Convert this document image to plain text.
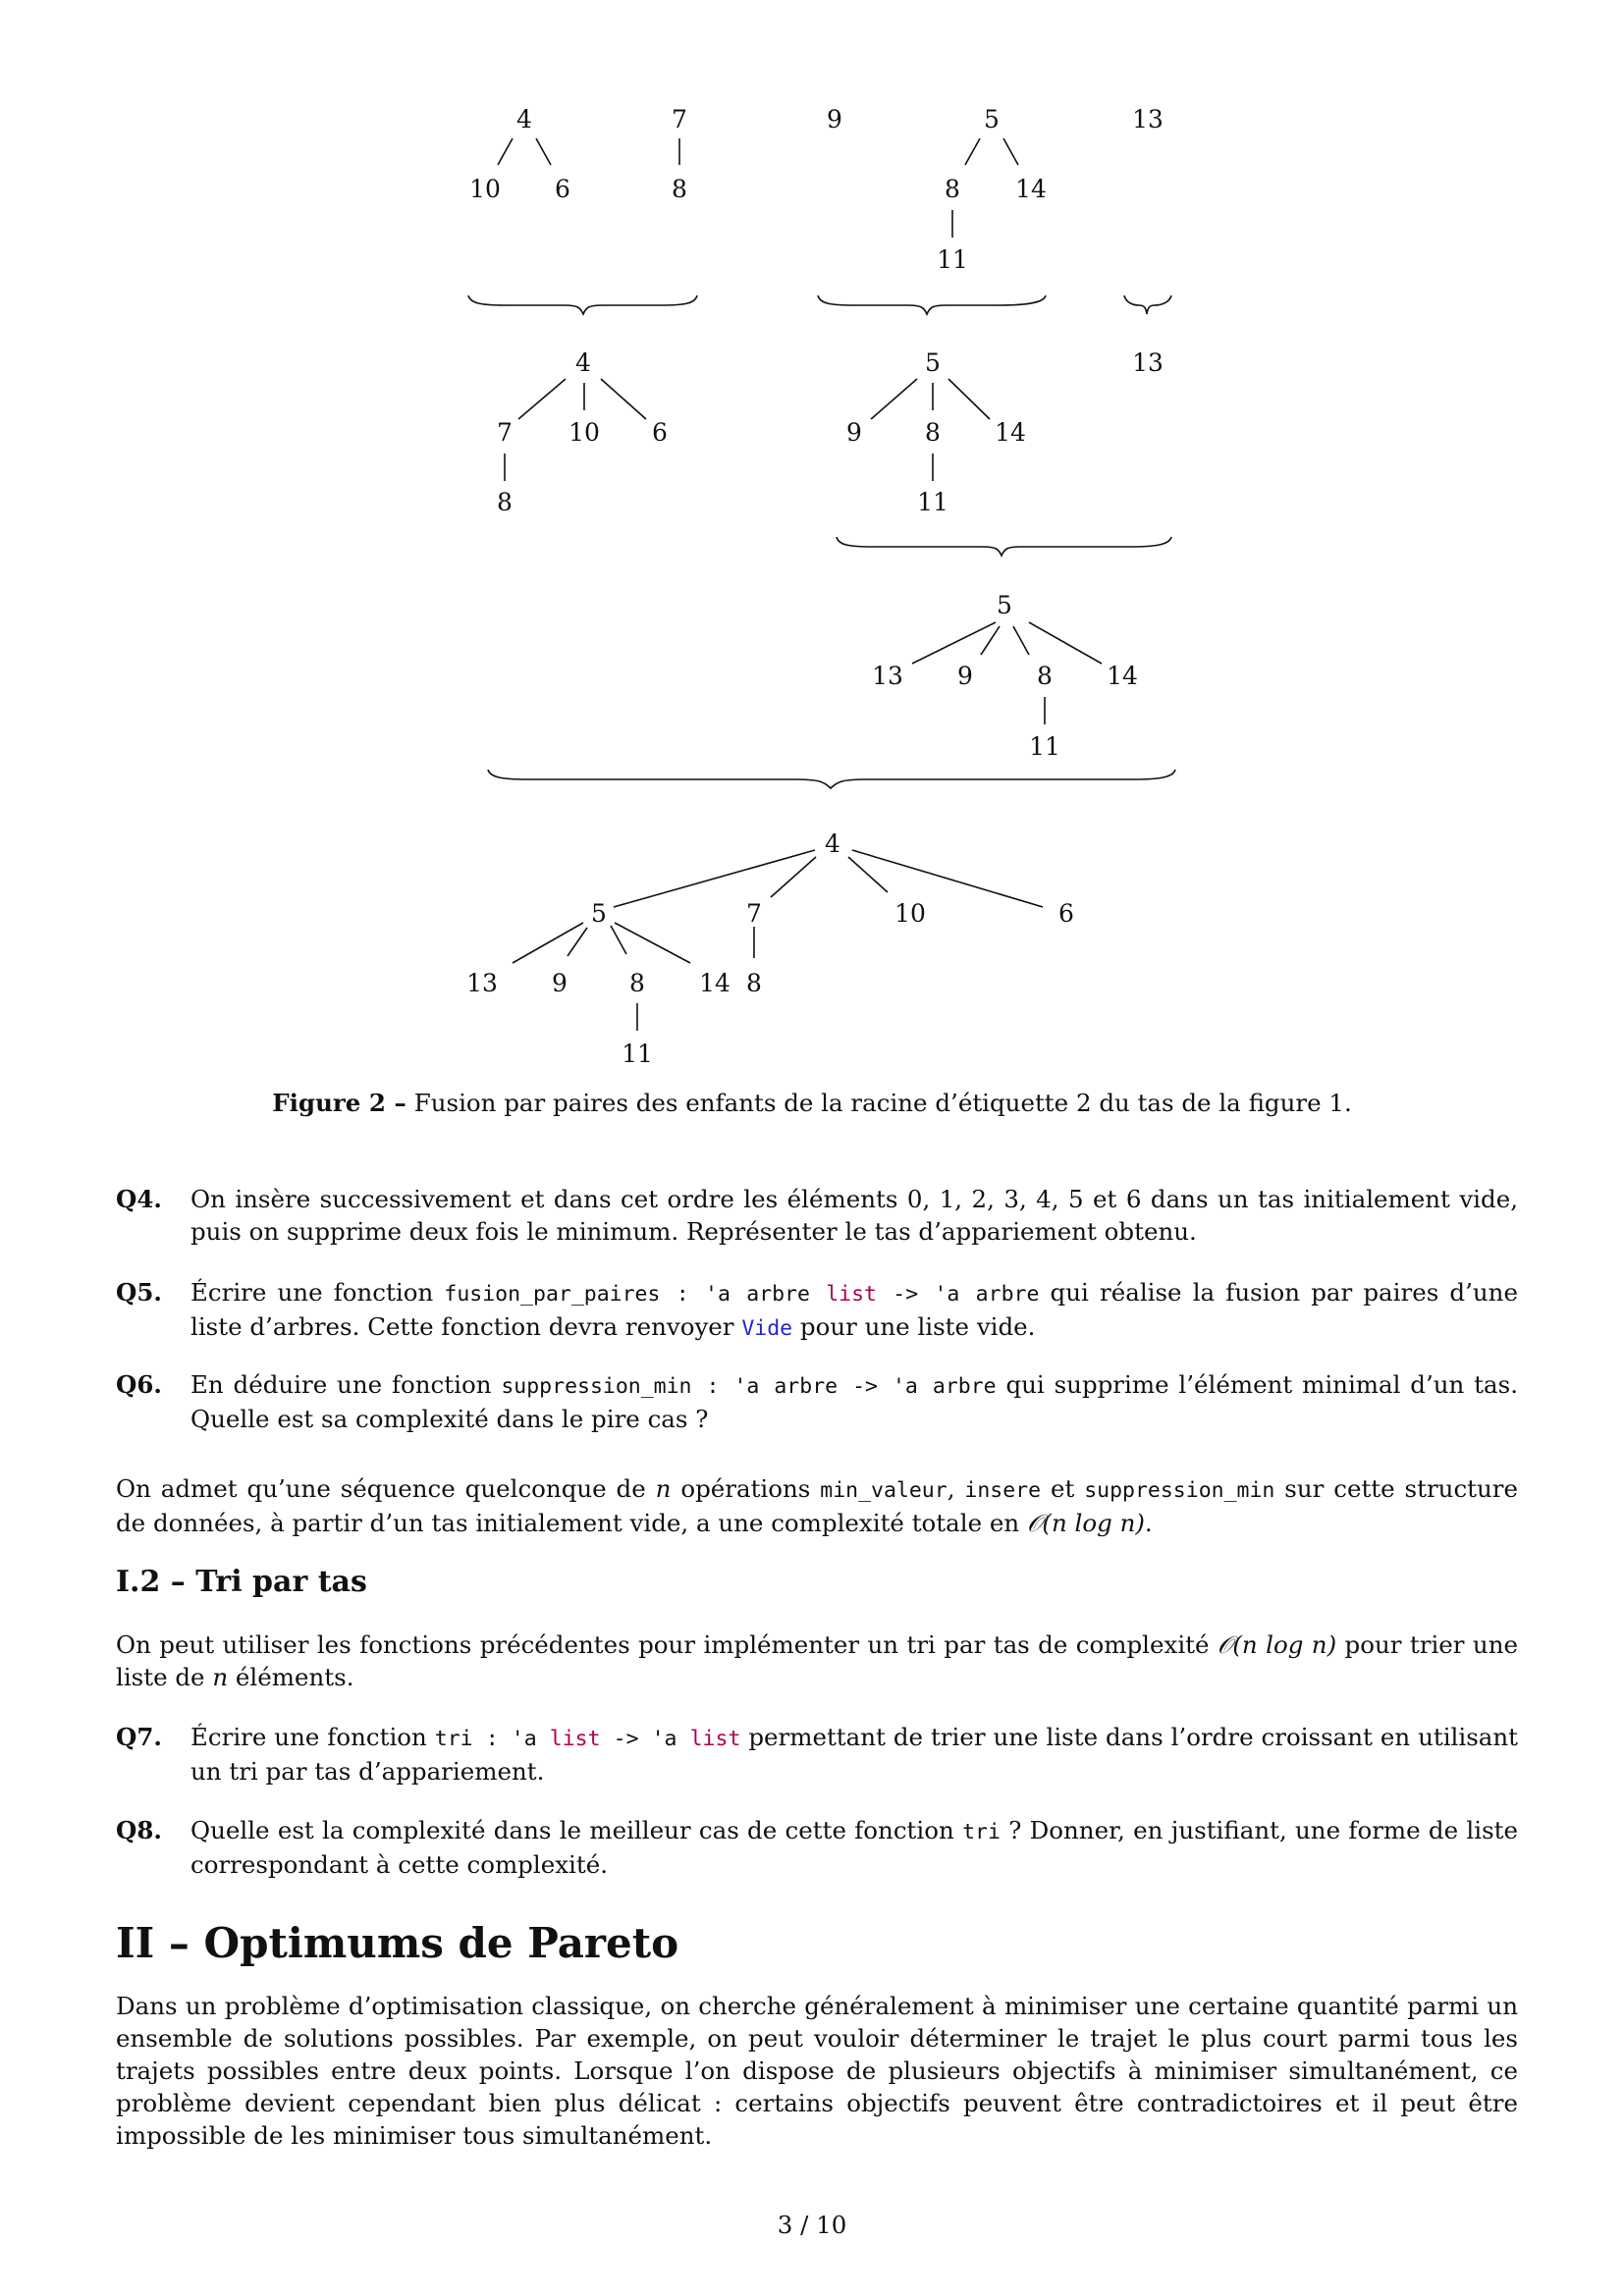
4
10 6
7
8
9	5
8 14
11
13
4
7 10 6
8
5
9	8 14
11
13
5
13 9	8 14
11
4
5	7	10	6
13 9	8 14 8
11
Figure 2 – Fusion par paires des enfants de la racine d’étiquette 2 du tas de la figure 1.
Q4. On insère successivement et dans cet ordre les éléments 0, 1, 2, 3, 4, 5 et 6 dans un tas initialement vide, puis on supprime deux fois le minimum. Représenter le tas d’appariement obtenu.
Q5. Écrire une fonction fusion_par_paires : 'a arbre list -> 'a arbre qui réalise la fusion par paires d’une liste d’arbres. Cette fonction devra renvoyer Vide pour une liste vide.
Q6. En déduire une fonction suppression_min : 'a arbre -> 'a arbre qui supprime l’élément minimal d’un tas. Quelle est sa complexité dans le pire cas ?
On admet qu’une séquence quelconque de n opérations min_valeur, insere et suppression_min sur cette structure de données, à partir d’un tas initialement vide, a une complexité totale en 𝒪(n log n).
I.2 – Tri par tas
On peut utiliser les fonctions précédentes pour implémenter un tri par tas de complexité 𝒪(n log n) pour trier une liste de n éléments.
Q7. Écrire une fonction tri : 'a list -> 'a list permettant de trier une liste dans l’ordre croissant en utilisant un tri par tas d’appariement.
Q8. Quelle est la complexité dans le meilleur cas de cette fonction tri ? Donner, en justifiant, une forme de liste correspondant à cette complexité.
II – Optimums de Pareto
Dans un problème d’optimisation classique, on cherche généralement à minimiser une certaine quantité parmi un ensemble de solutions possibles. Par exemple, on peut vouloir déterminer le trajet le plus court parmi tous les trajets possibles entre deux points. Lorsque l’on dispose de plusieurs objectifs à minimiser simultanément, ce problème devient cependant bien plus délicat : certains objectifs peuvent être contradictoires et il peut être impossible de les minimiser tous simultanément.
3 / 10
